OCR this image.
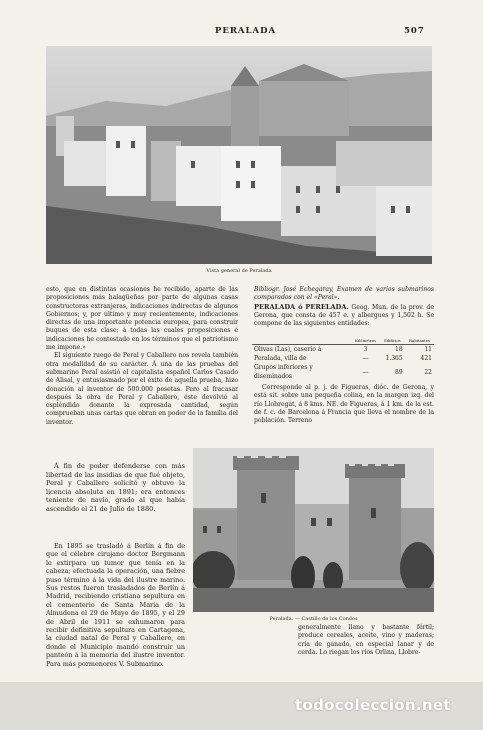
PERALADA	507
Vista general de Peralada

esto, que en distintas ocasiones he recibido, aparte de las proposiciones más halagüeñas por parte de algunas casas constructoras extranjeras, indicaciones indirectas de algunos Gobiernos; y, por último y muy recientemente, indicaciones directas de una importante potencia europea, para construir buques de esta clase; á todas las cuales proposiciones é indicaciones he contestado en los términos que el patriotismo me impone.»

El siguiente ruego de Peral y Caballero nos revela también otra modalidad de su carácter. Á una de las pruebas del submarino Peral asistió el capitalista español Carlos Casado de Alisal, y entusiasmado por el éxito de aquella prueba, hizo donación al inventor de 500.000 pesetas. Pero al fracasar después la obra de Peral y Caballero, éste devolvió al espléndido donante la expresada cantidad, según comprueban unas cartas que obran en poder de la familia del inventor.

Á fin de poder defenderse con más libertad de las insidias de que fué objeto, Peral y Caballero solicitó y obtuvo la licencia absoluta en 1891; era entonces teniente de navío, grado al que había ascendido el 21 de Julio de 1880.

En 1895 se trasladó á Berlín á fin de que el célebre cirujano doctor Bergmann le extirpara un tumor que tenía en la cabeza; efectuada la operación, una fiebre puso término á la vida del ilustre marino. Sus restos fueron trasladados de Berlín á Madrid, recibiendo cristiana sepultura en el cementerio de Santa María de la Almudena el 29 de Mayo de 1895, y el 29 de Abril de 1911 se exhumaron para recibir definitiva sepultura en Cartagena, la ciudad natal de Peral y Caballero, en donde el Municipio mandó construir un panteón á la memoria del ilustre inventor. Para más pormenores V. Submarino.

Bibliogr. José Echegaray, Examen de varios submarinos comparados con el «Peral».

PERALADA ó PERELADA. Geog. Mun. de la prov. de Gerona, que consta de 457 e. y albergues y 1,502 h. Se compone de las siguientes entidades:

	Kilómetros	Edificios	Habitantes
Olivas (Las), caserío á	3	18	11
Peralada, villa de	—	1.365	421
Grupos inferiores y diseminados	—	89	22

Corresponde al p. j. de Figueras, dióc. de Gerona, y está sit. sobre una pequeña colina, en la margen izq. del río Llobregat, á 8 kms. NE. de Figueras, á 1 km. de la est. de f. c. de Barcelona á Francia que lleva el nombre de la población. Terreno

Peralada. — Castillo de los Condes

generalmente llano y bastante fértil; produce cereales, aceite, vino y maderas; cría de ganado, en especial lanar y de cerda. Lo riegan los ríos Orlina, Llobre-

todocoleccion.net
